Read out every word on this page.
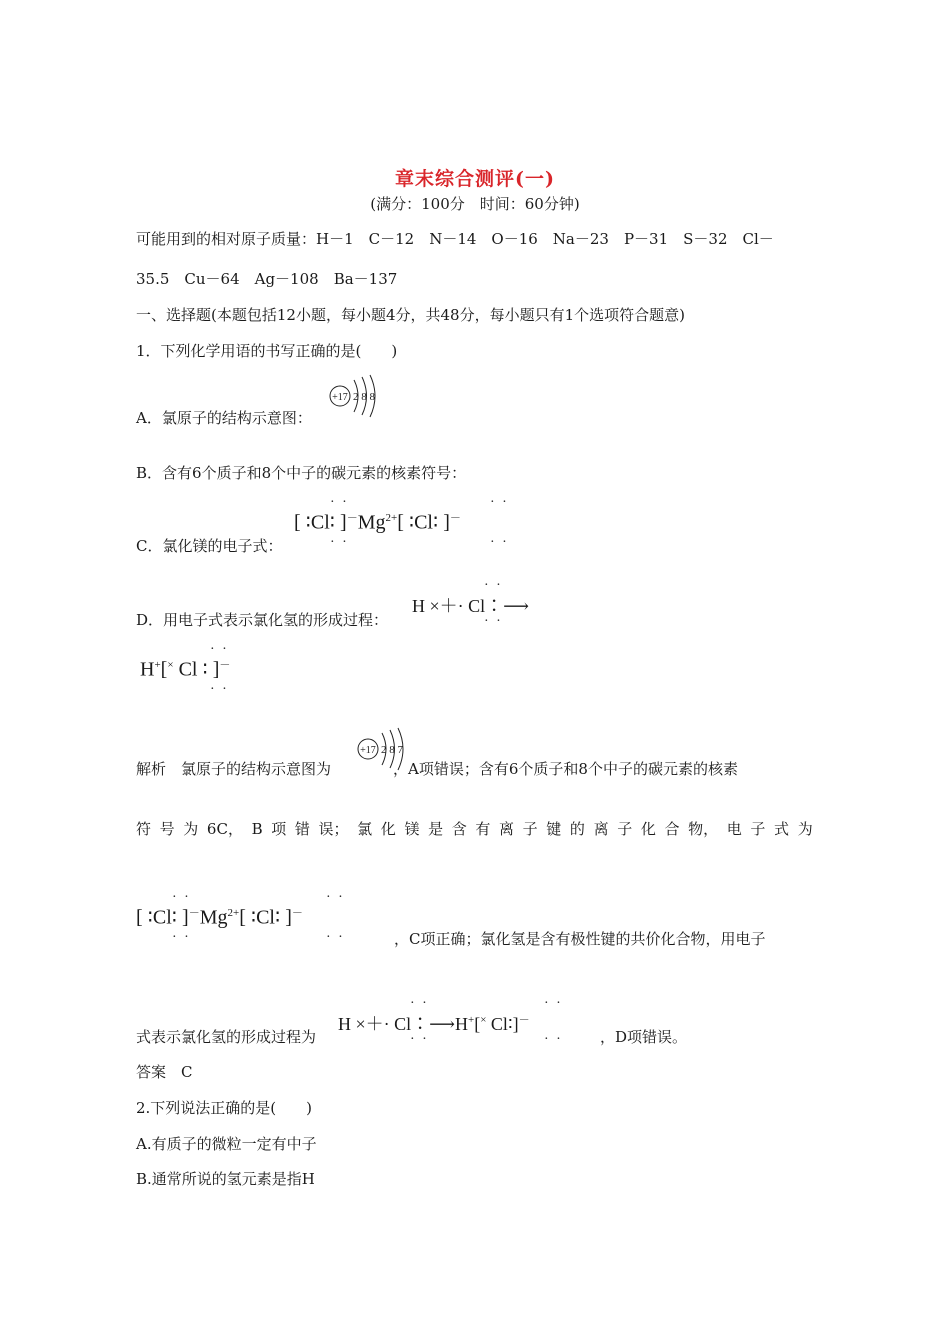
章末综合测评(一)
(满分：100分　时间：60分钟)
可能用到的相对原子质量：H－1　C－12　N－14　O－16　Na－23　P－31　S－32　Cl－
35.5　Cu－64　Ag－108　Ba－137
一、选择题(本题包括12小题，每小题4分，共48分，每小题只有1个选项符合题意)
1．下列化学用语的书写正确的是(　　)
A．氯原子的结构示意图：
+17 2 8 8
B．含有6个质子和8个中子的碳元素的核素符号：
C．氯化镁的电子式：
· ·
· ·
· ·
· ·
[ ∶Cl∶ ]$^-Mg^{2+}$[ ∶Cl∶ ]－
D．用电子式表示氯化氢的形成过程：
· ·
· ·
H ×＋· Cl∶⟶
· ·
· ·
H+[× Cl ∶ ]－
解析　 氯原子的结构示意图为	，A项错误；含有6个质子和8个中子的碳元素的核素
+17 2 8 7
符 号 为 6C， B 项 错 误； 氯 化 镁 是 含 有 离 子 键 的 离 子 化 合 物， 电 子 式 为
· ·
· ·
· ·
· ·
[ ∶Cl∶ ]$^-Mg^{2+}$[ ∶Cl∶ ]－
，C项正确；氯化氢是含有极性键的共价化合物，用电子
式表示氯化氢的形成过程为
· ·
· ·
· ·
· ·
H ×＋· Cl∶⟶H+[× Cl∶]－
，D项错误。
答案　 C
2.下列说法正确的是(　　)
A.有质子的微粒一定有中子
B.通常所说的氢元素是指H
